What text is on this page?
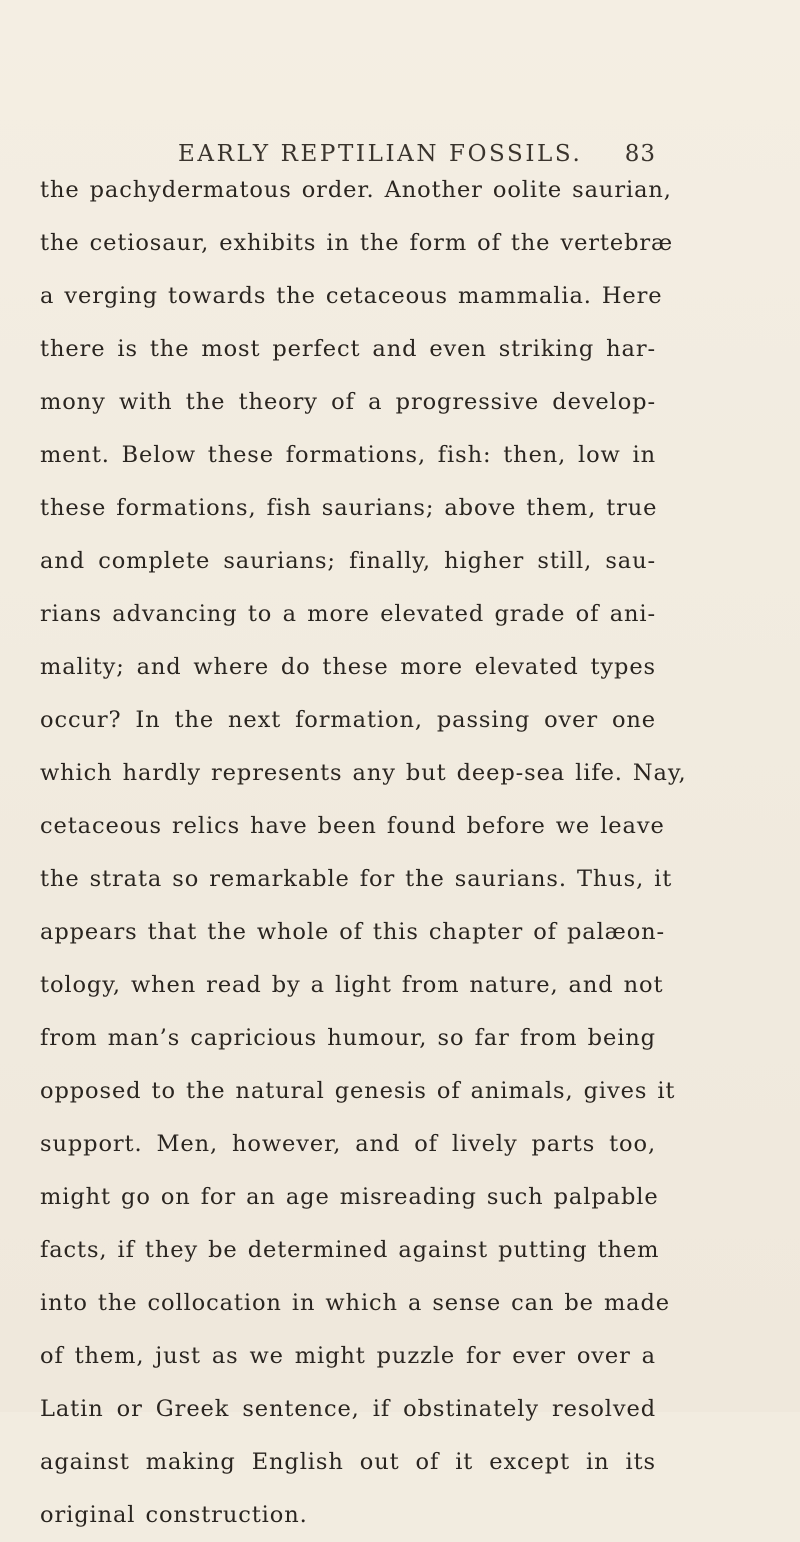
EARLY REPTILIAN FOSSILS.	83
the pachydermatous order. Another oolite saurian,
the cetiosaur, exhibits in the form of the vertebræ
a verging towards the cetaceous mammalia. Here
there is the most perfect and even striking har-
mony with the theory of a progressive develop-
ment. Below these formations, fish: then, low in
these formations, fish saurians; above them, true
and complete saurians; finally, higher still, sau-
rians advancing to a more elevated grade of ani-
mality; and where do these more elevated types
occur? In the next formation, passing over one
which hardly represents any but deep-sea life. Nay,
cetaceous relics have been found before we leave
the strata so remarkable for the saurians. Thus, it
appears that the whole of this chapter of palæon-
tology, when read by a light from nature, and not
from man’s capricious humour, so far from being
opposed to the natural genesis of animals, gives it
support. Men, however, and of lively parts too,
might go on for an age misreading such palpable
facts, if they be determined against putting them
into the collocation in which a sense can be made
of them, just as we might puzzle for ever over a
Latin or Greek sentence, if obstinately resolved
against making English out of it except in its
original construction.
